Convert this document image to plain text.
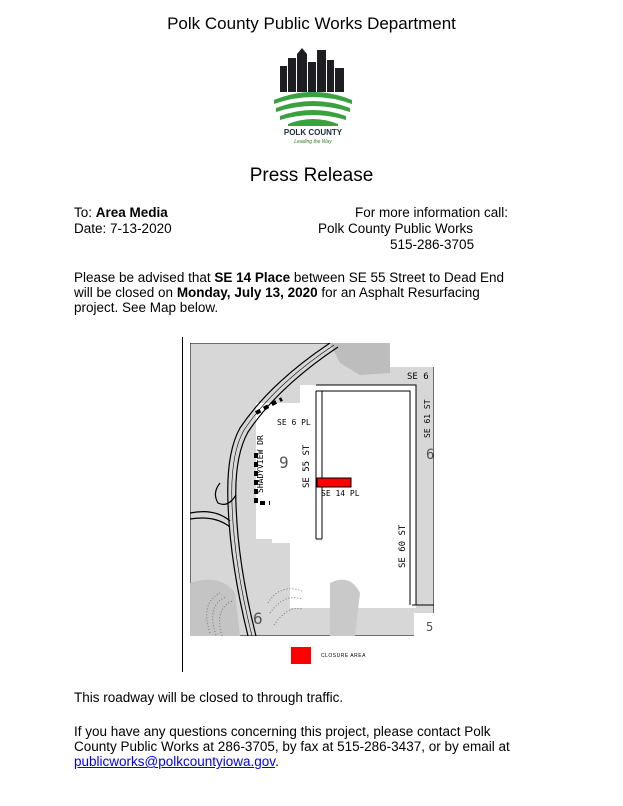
Polk County Public Works Department
POLK COUNTY
Leading the Way
Press Release
To: Area Media
Date: 7-13-2020
For more information call:
Polk County Public Works
515-286-3705
Please be advised that SE 14 Place between SE 55 Street to Dead End
will be closed on Monday, July 13, 2020 for an Asphalt Resurfacing
project. See Map below.
SE 6
SE 6 PL	SE 61 ST
SHADYVIEW DR	SE 55 ST
SE 14 PL
SE 60 ST
9
6
6
5
CLOSURE AREA
This roadway will be closed to through traffic.
If you have any questions concerning this project, please contact Polk
County Public Works at 286-3705, by fax at 515-286-3437, or by email at
publicworks@polkcountyiowa.gov.
